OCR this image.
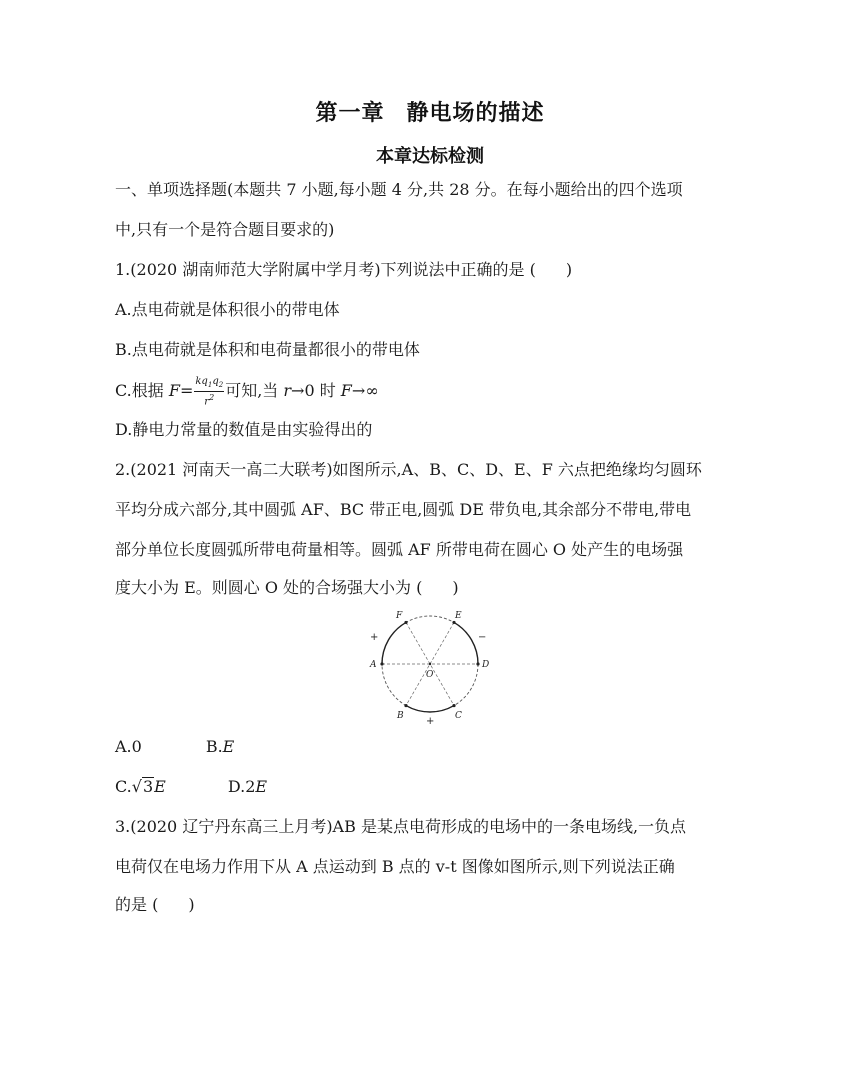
第一章 静电场的描述
本章达标检测
一、单项选择题(本题共 7 小题,每小题 4 分,共 28 分。在每小题给出的四个选项
中,只有一个是符合题目要求的)
1.(2020 湖南师范大学附属中学月考)下列说法中正确的是 ( )
A.点电荷就是体积很小的带电体
B.点电荷就是体积和电荷量都很小的带电体
C.根据 $F= \frac{kq_1q_2}{r^2}$ 可知,当 r→0 时 F→∞
D.静电力常量的数值是由实验得出的
2.(2021 河南天一高二大联考)如图所示,A、B、C、D、E、F 六点把绝缘均匀圆环
平均分成六部分,其中圆弧 AF、BC 带正电,圆弧 DE 带负电,其余部分不带电,带电
部分单位长度圆弧所带电荷量相等。圆弧 AF 所带电荷在圆心 O 处产生的电场强
度大小为 E。则圆心 O 处的合场强大小为 ( )
F	E
A	D
O
B	C
+	−
+
A.0	B.E
C.√3E	D.2E
3.(2020 辽宁丹东高三上月考)AB 是某点电荷形成的电场中的一条电场线,一负点
电荷仅在电场力作用下从 A 点运动到 B 点的 v-t 图像如图所示,则下列说法正确
的是 ( )
